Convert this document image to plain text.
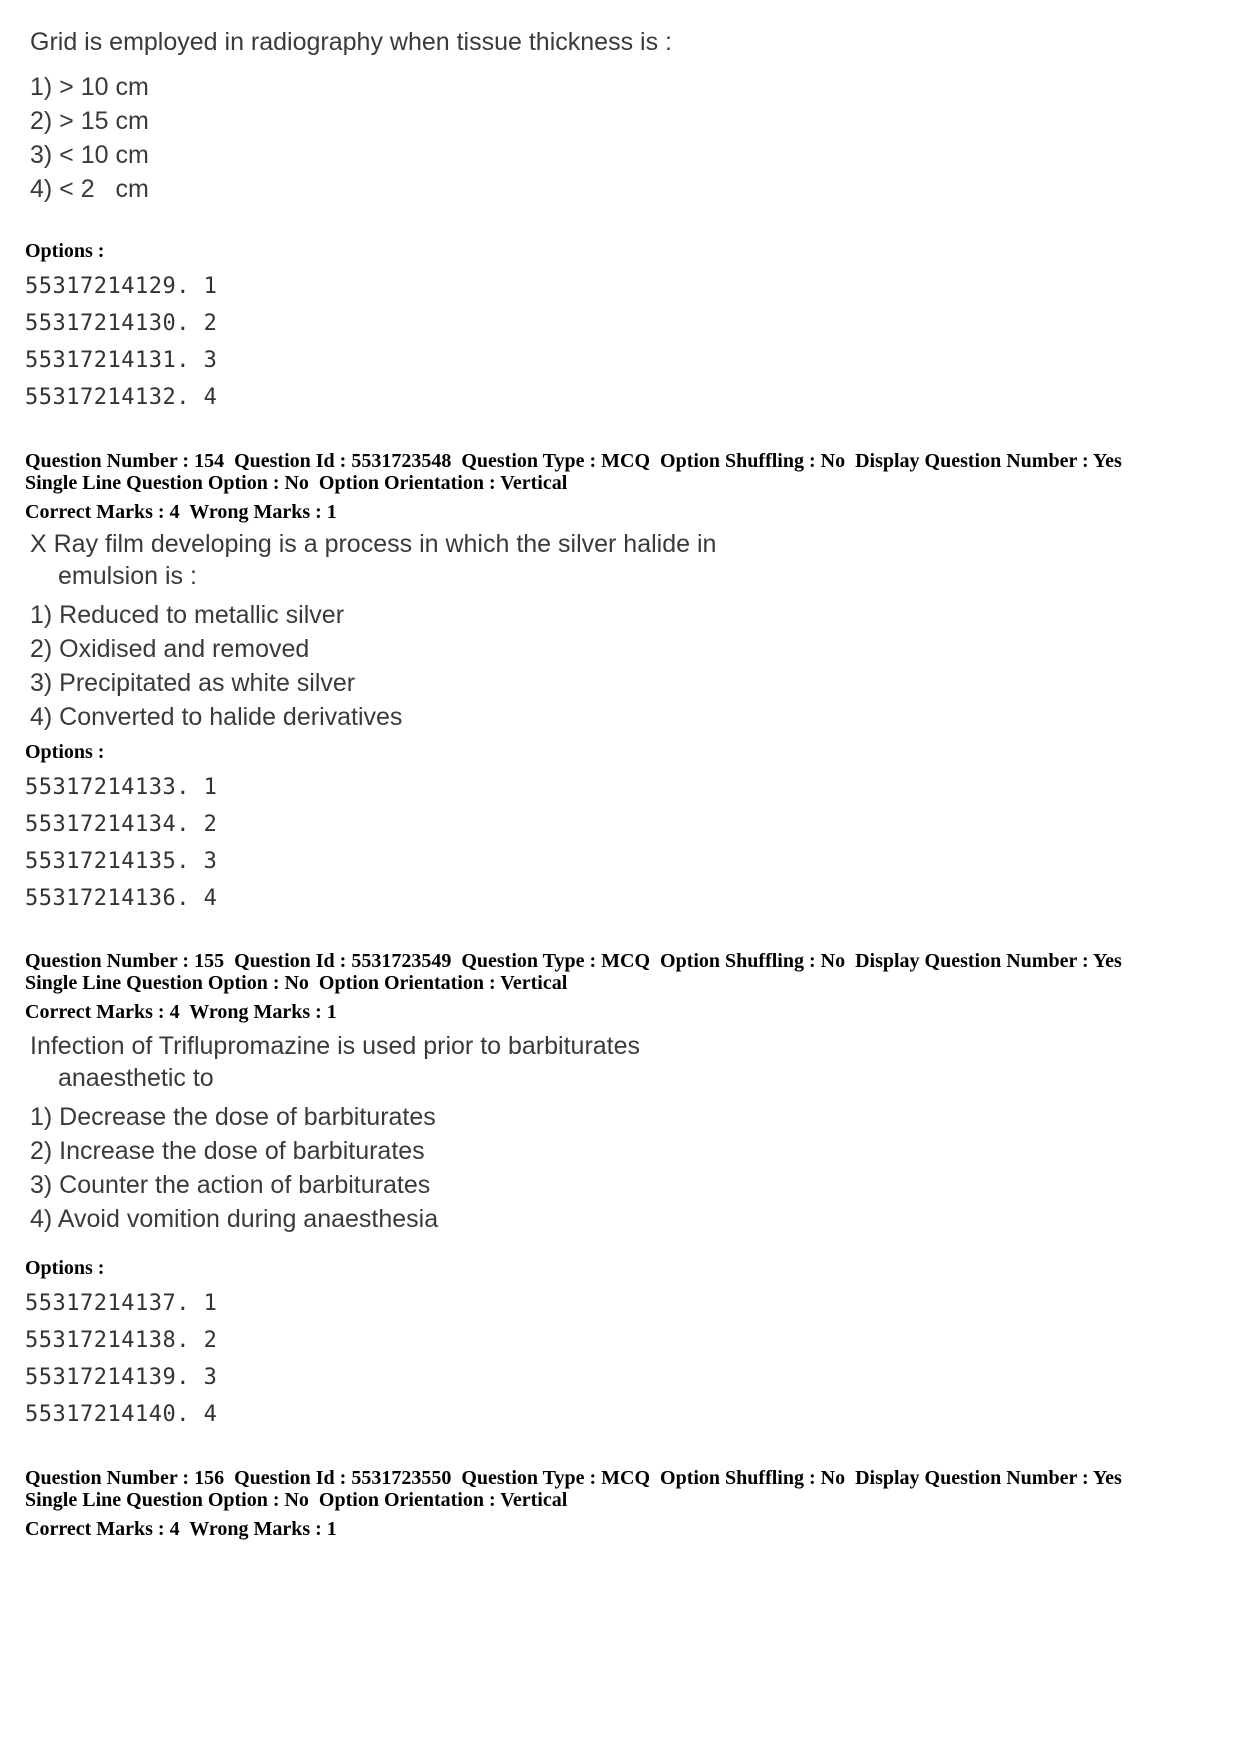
Grid is employed in radiography when tissue thickness is :
1) > 10 cm
2) > 15 cm
3) < 10 cm
4) < 2   cm
Options :
55317214129. 1
55317214130. 2
55317214131. 3
55317214132. 4
Question Number : 154  Question Id : 5531723548  Question Type : MCQ  Option Shuffling : No  Display Question Number : Yes
Single Line Question Option : No  Option Orientation : Vertical
Correct Marks : 4  Wrong Marks : 1
X Ray film developing is a process in which the silver halide in
emulsion is :
1) Reduced to metallic silver
2) Oxidised and removed
3) Precipitated as white silver
4) Converted to halide derivatives
Options :
55317214133. 1
55317214134. 2
55317214135. 3
55317214136. 4
Question Number : 155  Question Id : 5531723549  Question Type : MCQ  Option Shuffling : No  Display Question Number : Yes
Single Line Question Option : No  Option Orientation : Vertical
Correct Marks : 4  Wrong Marks : 1
Infection of Triflupromazine is used prior to barbiturates
anaesthetic to
1) Decrease the dose of barbiturates
2) Increase the dose of barbiturates
3) Counter the action of barbiturates
4) Avoid vomition during anaesthesia
Options :
55317214137. 1
55317214138. 2
55317214139. 3
55317214140. 4
Question Number : 156  Question Id : 5531723550  Question Type : MCQ  Option Shuffling : No  Display Question Number : Yes
Single Line Question Option : No  Option Orientation : Vertical
Correct Marks : 4  Wrong Marks : 1
